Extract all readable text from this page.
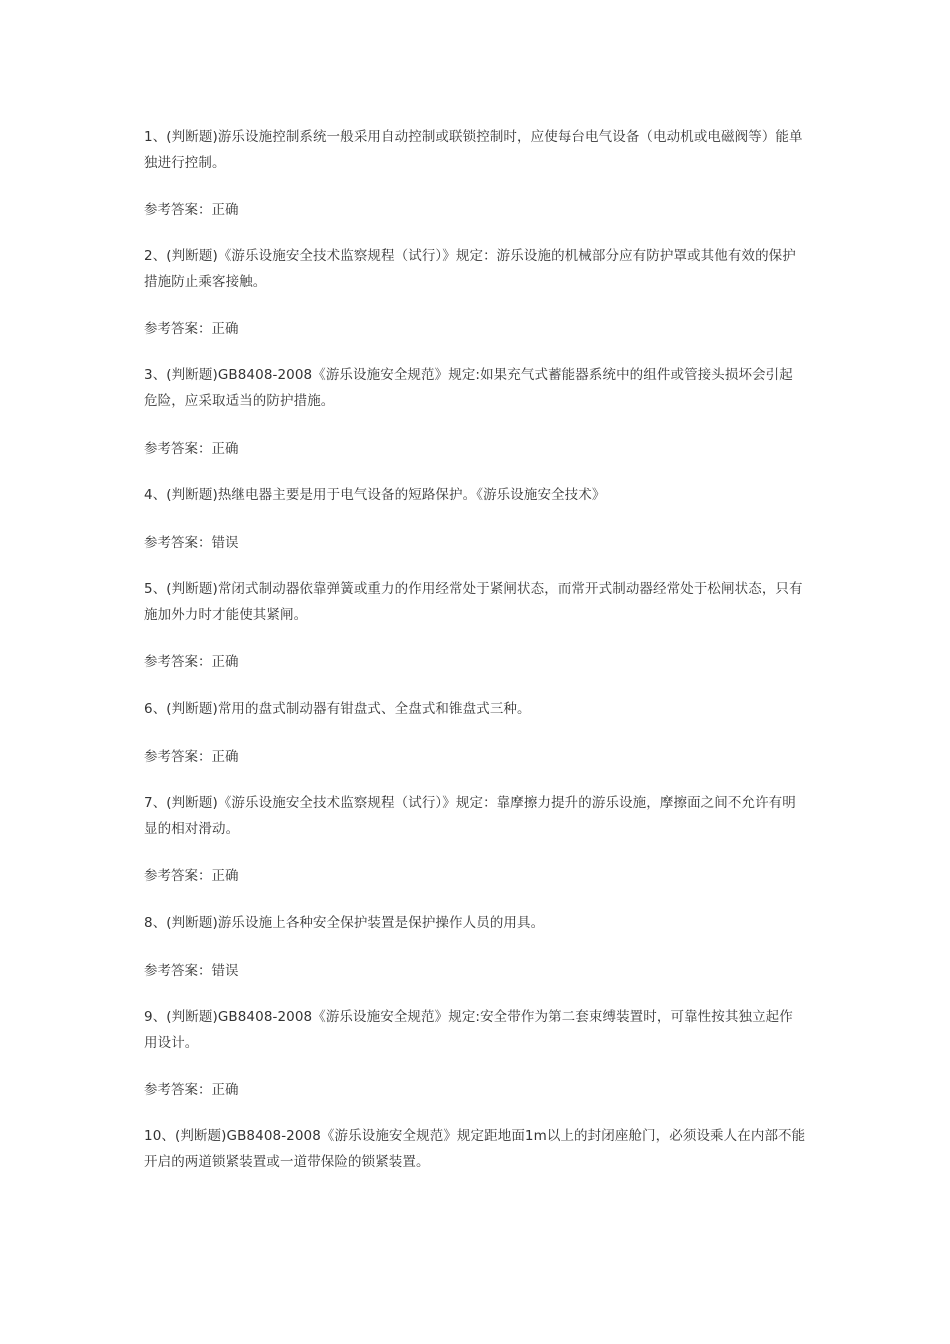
1、(判断题)游乐设施控制系统一般采用自动控制或联锁控制时，应使每台电气设备（电动机或电磁阀等）能单独进行控制。
参考答案：正确
2、(判断题)《游乐设施安全技术监察规程（试行）》规定：游乐设施的机械部分应有防护罩或其他有效的保护措施防止乘客接触。
参考答案：正确
3、(判断题)GB8408-2008《游乐设施安全规范》规定:如果充气式蓄能器系统中的组件或管接头损坏会引起危险，应采取适当的防护措施。
参考答案：正确
4、(判断题)热继电器主要是用于电气设备的短路保护。《游乐设施安全技术》
参考答案：错误
5、(判断题)常闭式制动器依靠弹簧或重力的作用经常处于紧闸状态，而常开式制动器经常处于松闸状态，只有施加外力时才能使其紧闸。
参考答案：正确
6、(判断题)常用的盘式制动器有钳盘式、全盘式和锥盘式三种。
参考答案：正确
7、(判断题)《游乐设施安全技术监察规程（试行）》规定：靠摩擦力提升的游乐设施，摩擦面之间不允许有明显的相对滑动。
参考答案：正确
8、(判断题)游乐设施上各种安全保护装置是保护操作人员的用具。
参考答案：错误
9、(判断题)GB8408-2008《游乐设施安全规范》规定:安全带作为第二套束缚装置时，可靠性按其独立起作用设计。
参考答案：正确
10、(判断题)GB8408-2008《游乐设施安全规范》规定距地面1m以上的封闭座舱门，必须设乘人在内部不能开启的两道锁紧装置或一道带保险的锁紧装置。
